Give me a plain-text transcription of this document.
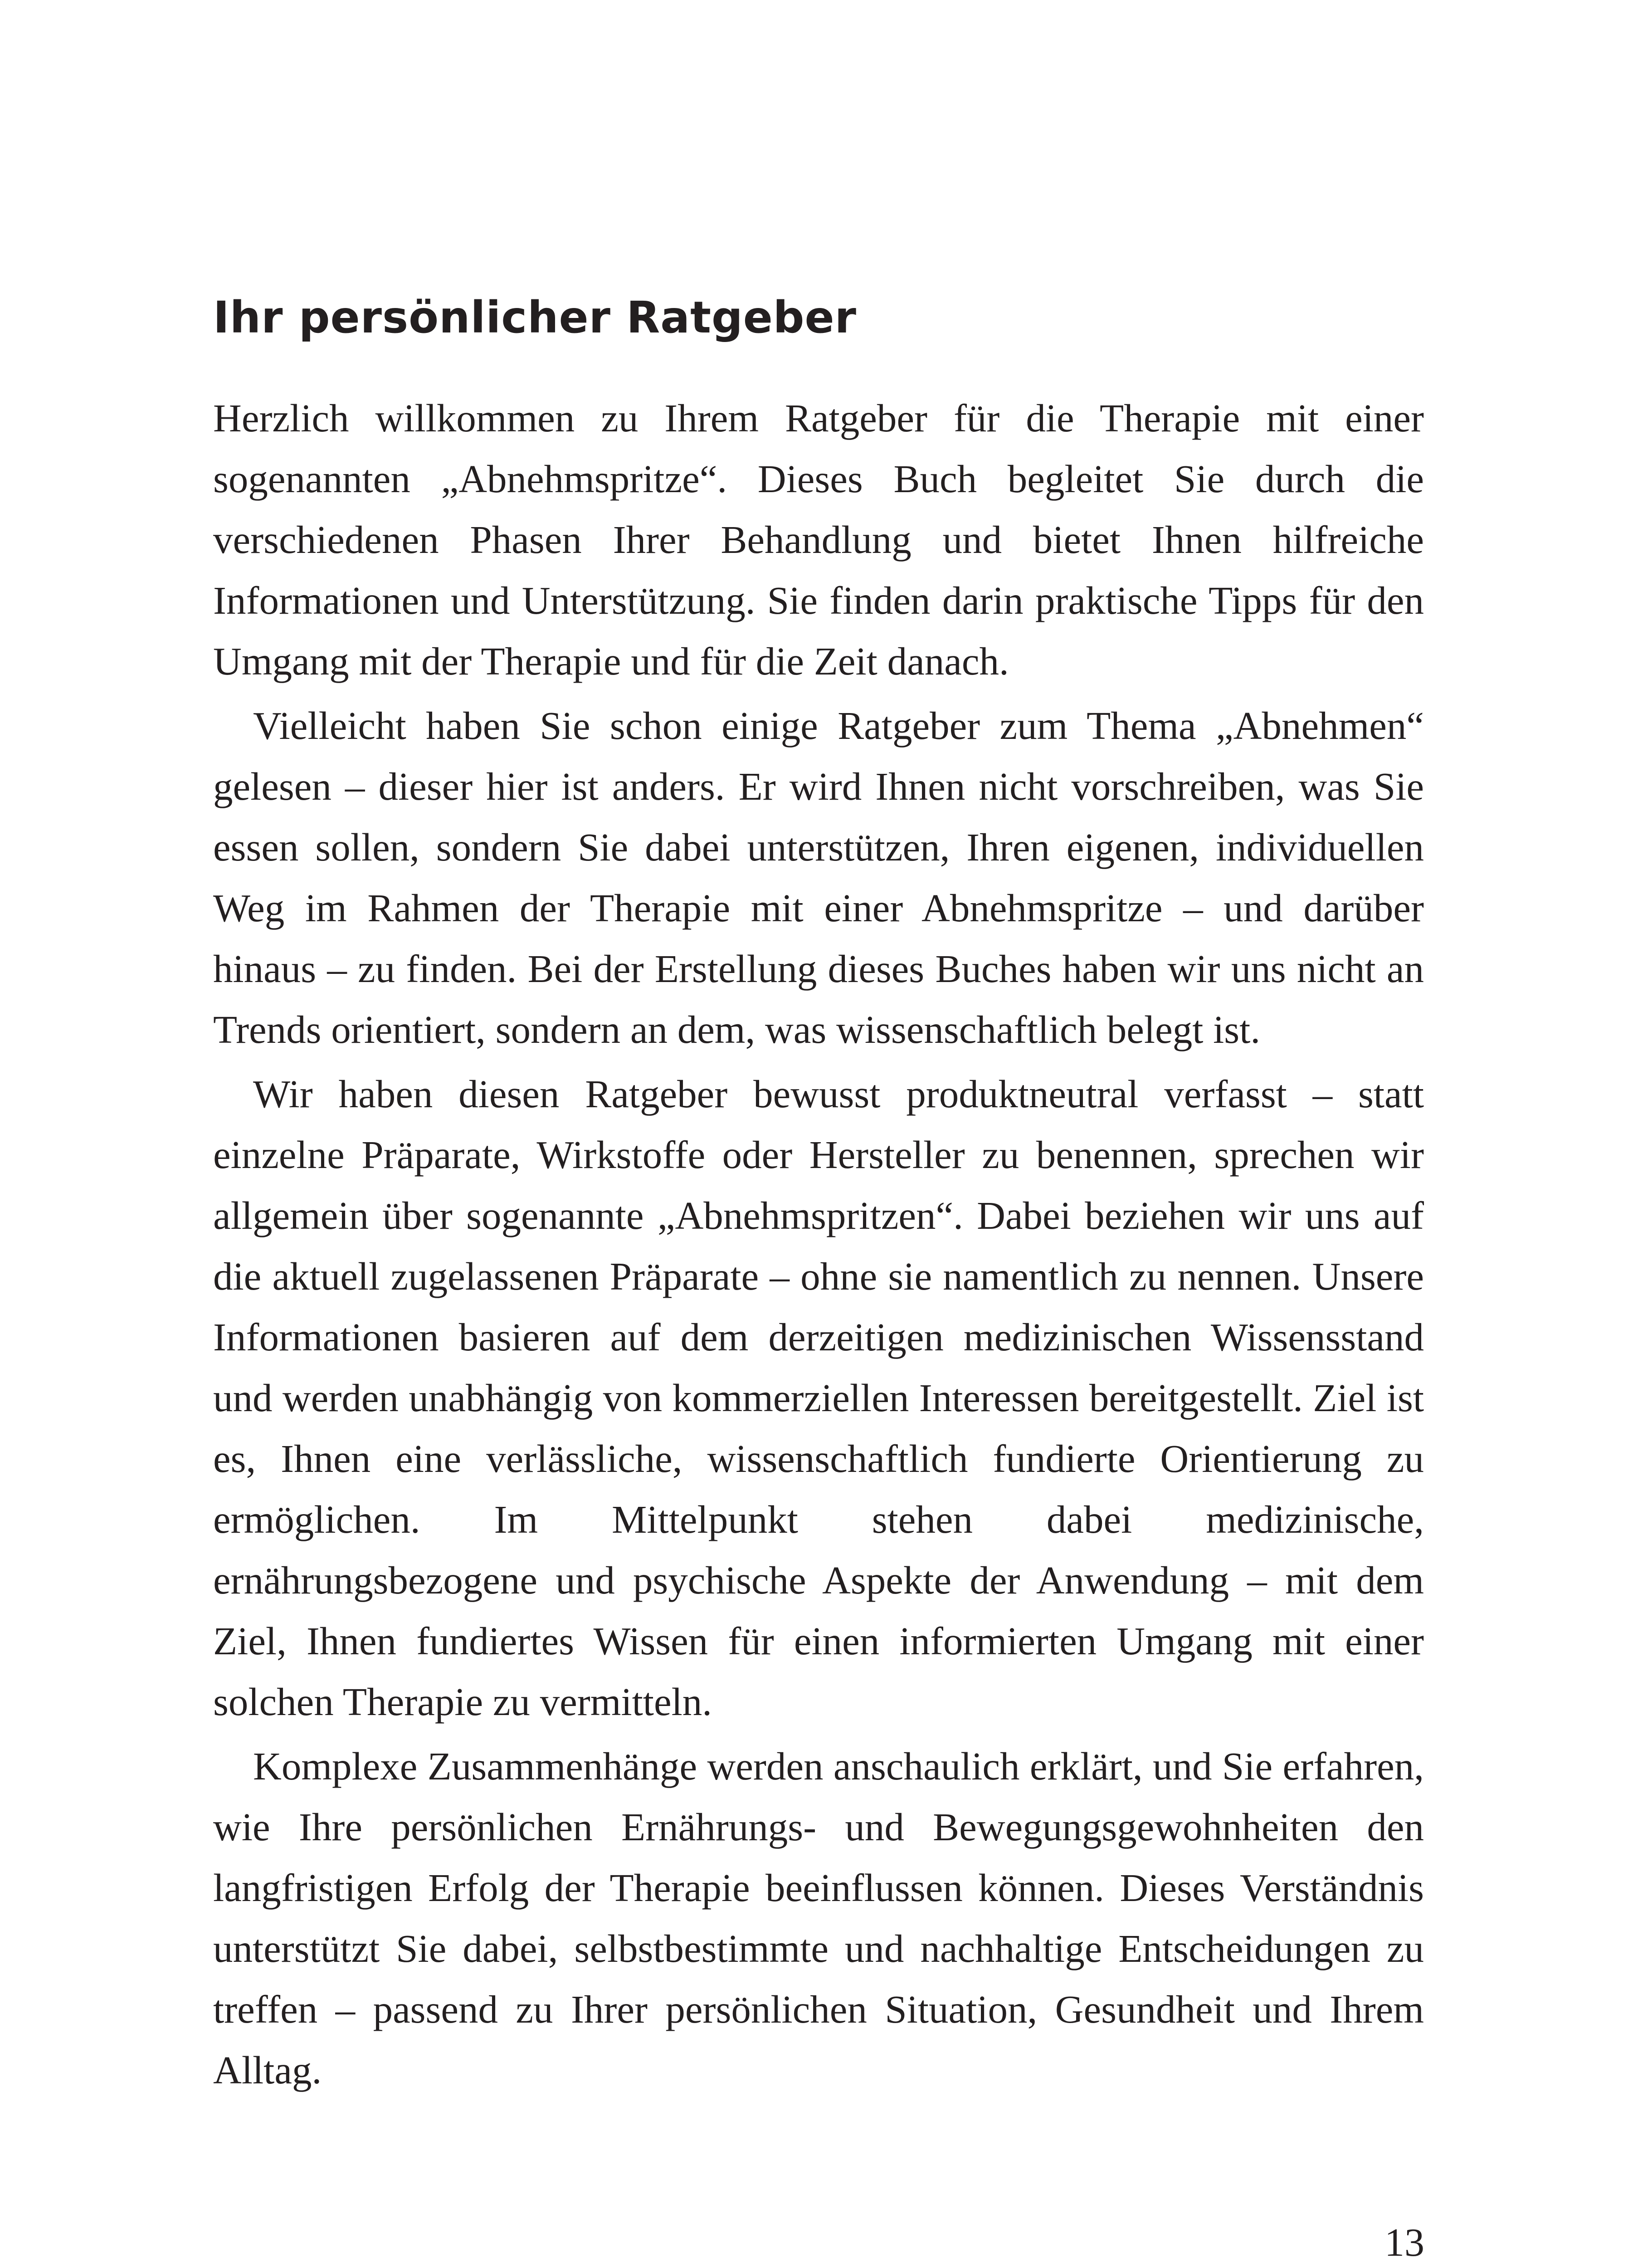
Ihr persönlicher Ratgeber

Herzlich willkommen zu Ihrem Ratgeber für die Therapie mit einer sogenannten „Abnehmspritze“. Dieses Buch begleitet Sie durch die verschiedenen Phasen Ihrer Behandlung und bietet Ihnen hilfreiche Informationen und Unterstützung. Sie finden darin praktische Tipps für den Umgang mit der Therapie und für die Zeit danach.

Vielleicht haben Sie schon einige Ratgeber zum Thema „Abnehmen“ gelesen – dieser hier ist anders. Er wird Ihnen nicht vorschreiben, was Sie essen sollen, sondern Sie dabei unterstützen, Ihren eigenen, individuellen Weg im Rahmen der Therapie mit einer Abnehmspritze – und darüber hinaus – zu finden. Bei der Erstellung dieses Buches haben wir uns nicht an Trends orientiert, sondern an dem, was wissenschaftlich belegt ist.

Wir haben diesen Ratgeber bewusst produktneutral verfasst – statt einzelne Präparate, Wirkstoffe oder Hersteller zu benennen, sprechen wir allgemein über sogenannte „Abnehmspritzen“. Dabei beziehen wir uns auf die aktuell zugelassenen Präparate – ohne sie namentlich zu nennen. Unsere Informationen basieren auf dem derzeitigen medizinischen Wissensstand und werden unabhängig von kommerziellen Interessen bereitgestellt. Ziel ist es, Ihnen eine verlässliche, wissenschaftlich fundierte Orientierung zu ermöglichen. Im Mittelpunkt stehen dabei medizinische, ernährungsbezogene und psychische Aspekte der Anwendung – mit dem Ziel, Ihnen fundiertes Wissen für einen informierten Umgang mit einer solchen Therapie zu vermitteln.

Komplexe Zusammenhänge werden anschaulich erklärt, und Sie erfahren, wie Ihre persönlichen Ernährungs- und Bewegungsgewohnheiten den langfristigen Erfolg der Therapie beeinflussen können. Dieses Verständnis unterstützt Sie dabei, selbstbestimmte und nachhaltige Entscheidungen zu treffen – passend zu Ihrer persönlichen Situation, Gesundheit und Ihrem Alltag.

13
